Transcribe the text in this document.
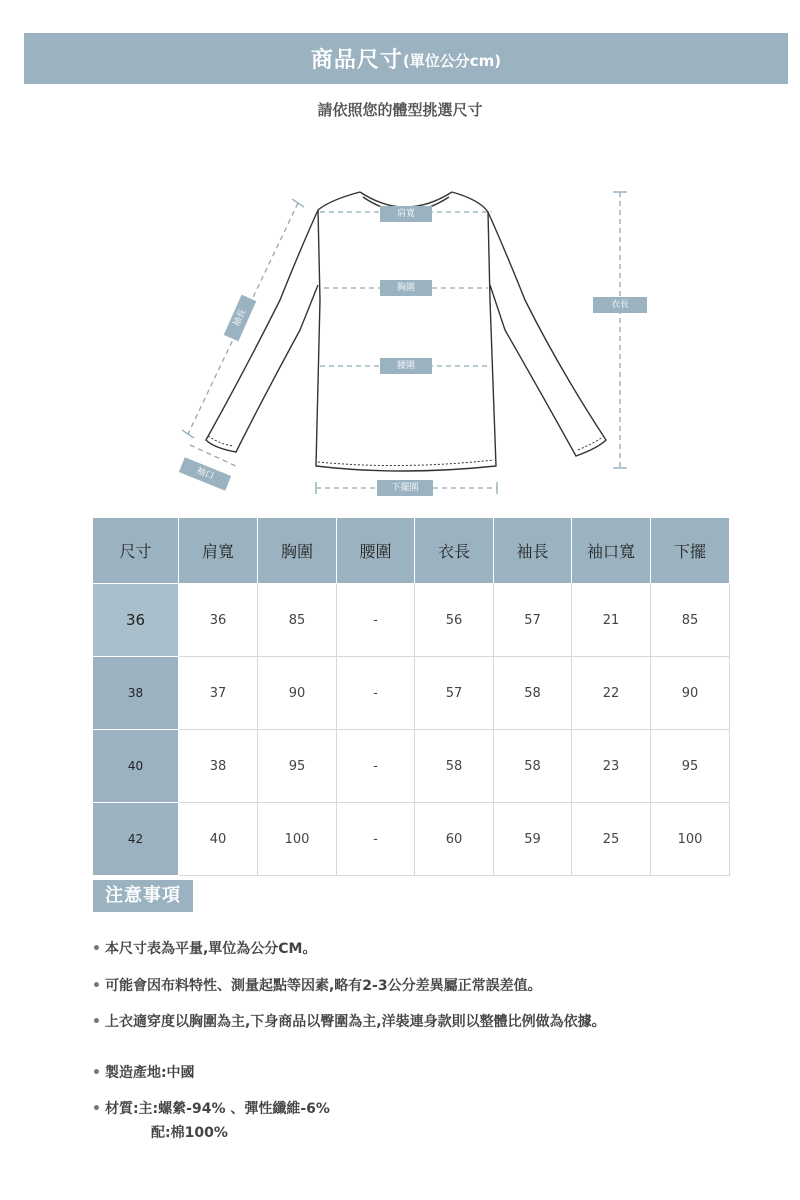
商品尺寸 (單位公分cm)
請依照您的體型挑選尺寸
肩寬
胸圍
腰圍
衣長
袖長
袖口
下擺圍
尺寸	肩寬	胸圍	腰圍	衣長	袖長	袖口寬	下擺
36	36	85	-	56	57	21	85
38	37	90	-	57	58	22	90
40	38	95	-	58	58	23	95
42	40	100	-	60	59	25	100
注意事項
• 本尺寸表為平量,單位為公分CM。
• 可能會因布料特性、測量起點等因素,略有2-3公分差異屬正常誤差值。
• 上衣適穿度以胸圍為主,下身商品以臀圍為主,洋裝連身款則以整體比例做為依據。
• 製造產地:中國
• 材質:主:螺縈-94% 、彈性纖維-6%
配:棉100%
